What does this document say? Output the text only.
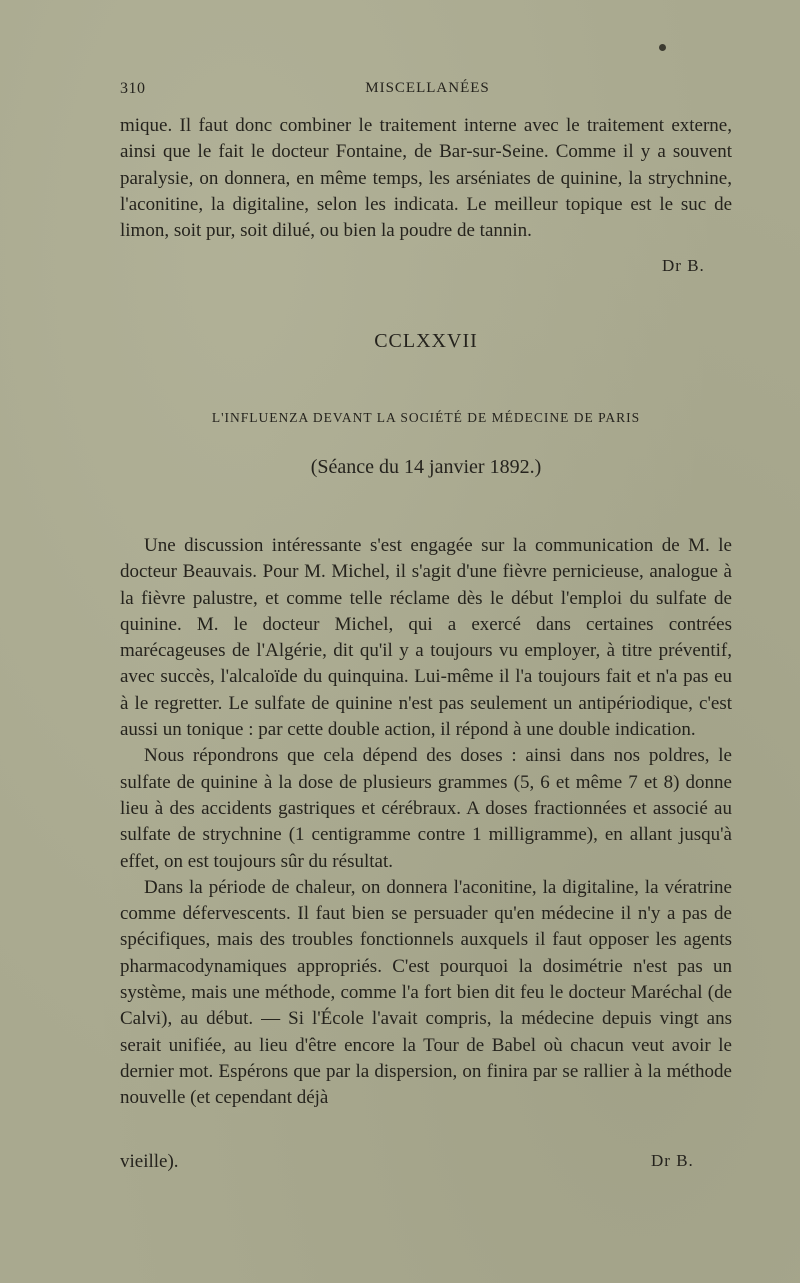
310	MISCELLANÉES

mique. Il faut donc combiner le traitement interne avec le traitement externe, ainsi que le fait le docteur Fontaine, de Bar-sur-Seine. Comme il y a souvent paralysie, on donnera, en même temps, les arséniates de quinine, la strychnine, l'aconitine, la digitaline, selon les indicata. Le meilleur topique est le suc de limon, soit pur, soit dilué, ou bien la poudre de tannin.

Dr B.
CCLXXVII
L'INFLUENZA DEVANT LA SOCIÉTÉ DE MÉDECINE DE PARIS
(Séance du 14 janvier 1892.)

Une discussion intéressante s'est engagée sur la communication de M. le docteur Beauvais. Pour M. Michel, il s'agit d'une fièvre pernicieuse, analogue à la fièvre palustre, et comme telle réclame dès le début l'emploi du sulfate de quinine. M. le docteur Michel, qui a exercé dans certaines contrées marécageuses de l'Algérie, dit qu'il y a toujours vu employer, à titre préventif, avec succès, l'alcaloïde du quinquina. Lui-même il l'a toujours fait et n'a pas eu à le regretter. Le sulfate de quinine n'est pas seulement un antipériodique, c'est aussi un tonique : par cette double action, il répond à une double indication.

Nous répondrons que cela dépend des doses : ainsi dans nos poldres, le sulfate de quinine à la dose de plusieurs grammes (5, 6 et même 7 et 8) donne lieu à des accidents gastriques et cérébraux. A doses fractionnées et associé au sulfate de strychnine (1 centigramme contre 1 milligramme), en allant jusqu'à effet, on est toujours sûr du résultat.

Dans la période de chaleur, on donnera l'aconitine, la digitaline, la vératrine comme défervescents. Il faut bien se persuader qu'en médecine il n'y a pas de spécifiques, mais des troubles fonctionnels auxquels il faut opposer les agents pharmacodynamiques appropriés. C'est pourquoi la dosimétrie n'est pas un système, mais une méthode, comme l'a fort bien dit feu le docteur Maréchal (de Calvi), au début. — Si l'École l'avait compris, la médecine depuis vingt ans serait unifiée, au lieu d'être encore la Tour de Babel où chacun veut avoir le dernier mot. Espérons que par la dispersion, on finira par se rallier à la méthode nouvelle (et cependant déjà

vieille).	Dr B.
